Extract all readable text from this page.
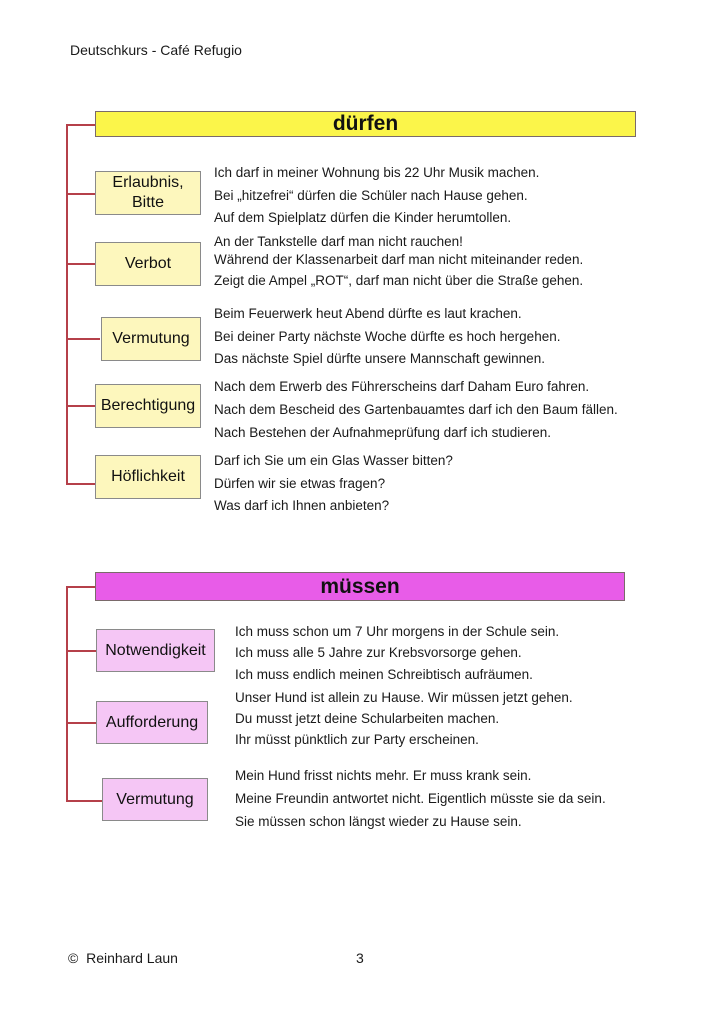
Deutschkurs - Café Refugio
dürfen
Erlaubnis,
Bitte
Ich darf in meiner Wohnung bis 22 Uhr Musik machen.
Bei „hitzefrei“ dürfen die Schüler nach Hause gehen.
Auf dem Spielplatz dürfen die Kinder herumtollen.
Verbot
An der Tankstelle darf man nicht rauchen!
Während der Klassenarbeit darf man nicht miteinander reden.
Zeigt die Ampel „ROT“, darf man nicht über die Straße gehen.
Vermutung
Beim Feuerwerk heut Abend dürfte es laut krachen.
Bei deiner Party nächste Woche dürfte es hoch hergehen.
Das nächste Spiel dürfte unsere Mannschaft gewinnen.
Berechtigung
Nach dem Erwerb des Führerscheins darf Daham Euro fahren.
Nach dem Bescheid des Gartenbauamtes darf ich den Baum fällen.
Nach Bestehen der Aufnahmeprüfung darf ich studieren.
Höflichkeit
Darf ich Sie um ein Glas Wasser bitten?
Dürfen wir sie etwas fragen?
Was darf ich Ihnen anbieten?
müssen
Notwendigkeit
Ich muss schon um 7 Uhr morgens in der Schule sein.
Ich muss alle 5 Jahre zur Krebsvorsorge gehen.
Ich muss endlich meinen Schreibtisch aufräumen.
Aufforderung
Unser Hund ist allein zu Hause. Wir müssen jetzt gehen.
Du musst jetzt deine Schularbeiten machen.
Ihr müsst pünktlich zur Party erscheinen.
Vermutung
Mein Hund frisst nichts mehr. Er muss krank sein.
Meine Freundin antwortet nicht. Eigentlich müsste sie da sein.
Sie müssen schon längst wieder zu Hause sein.
©  Reinhard Laun	3
